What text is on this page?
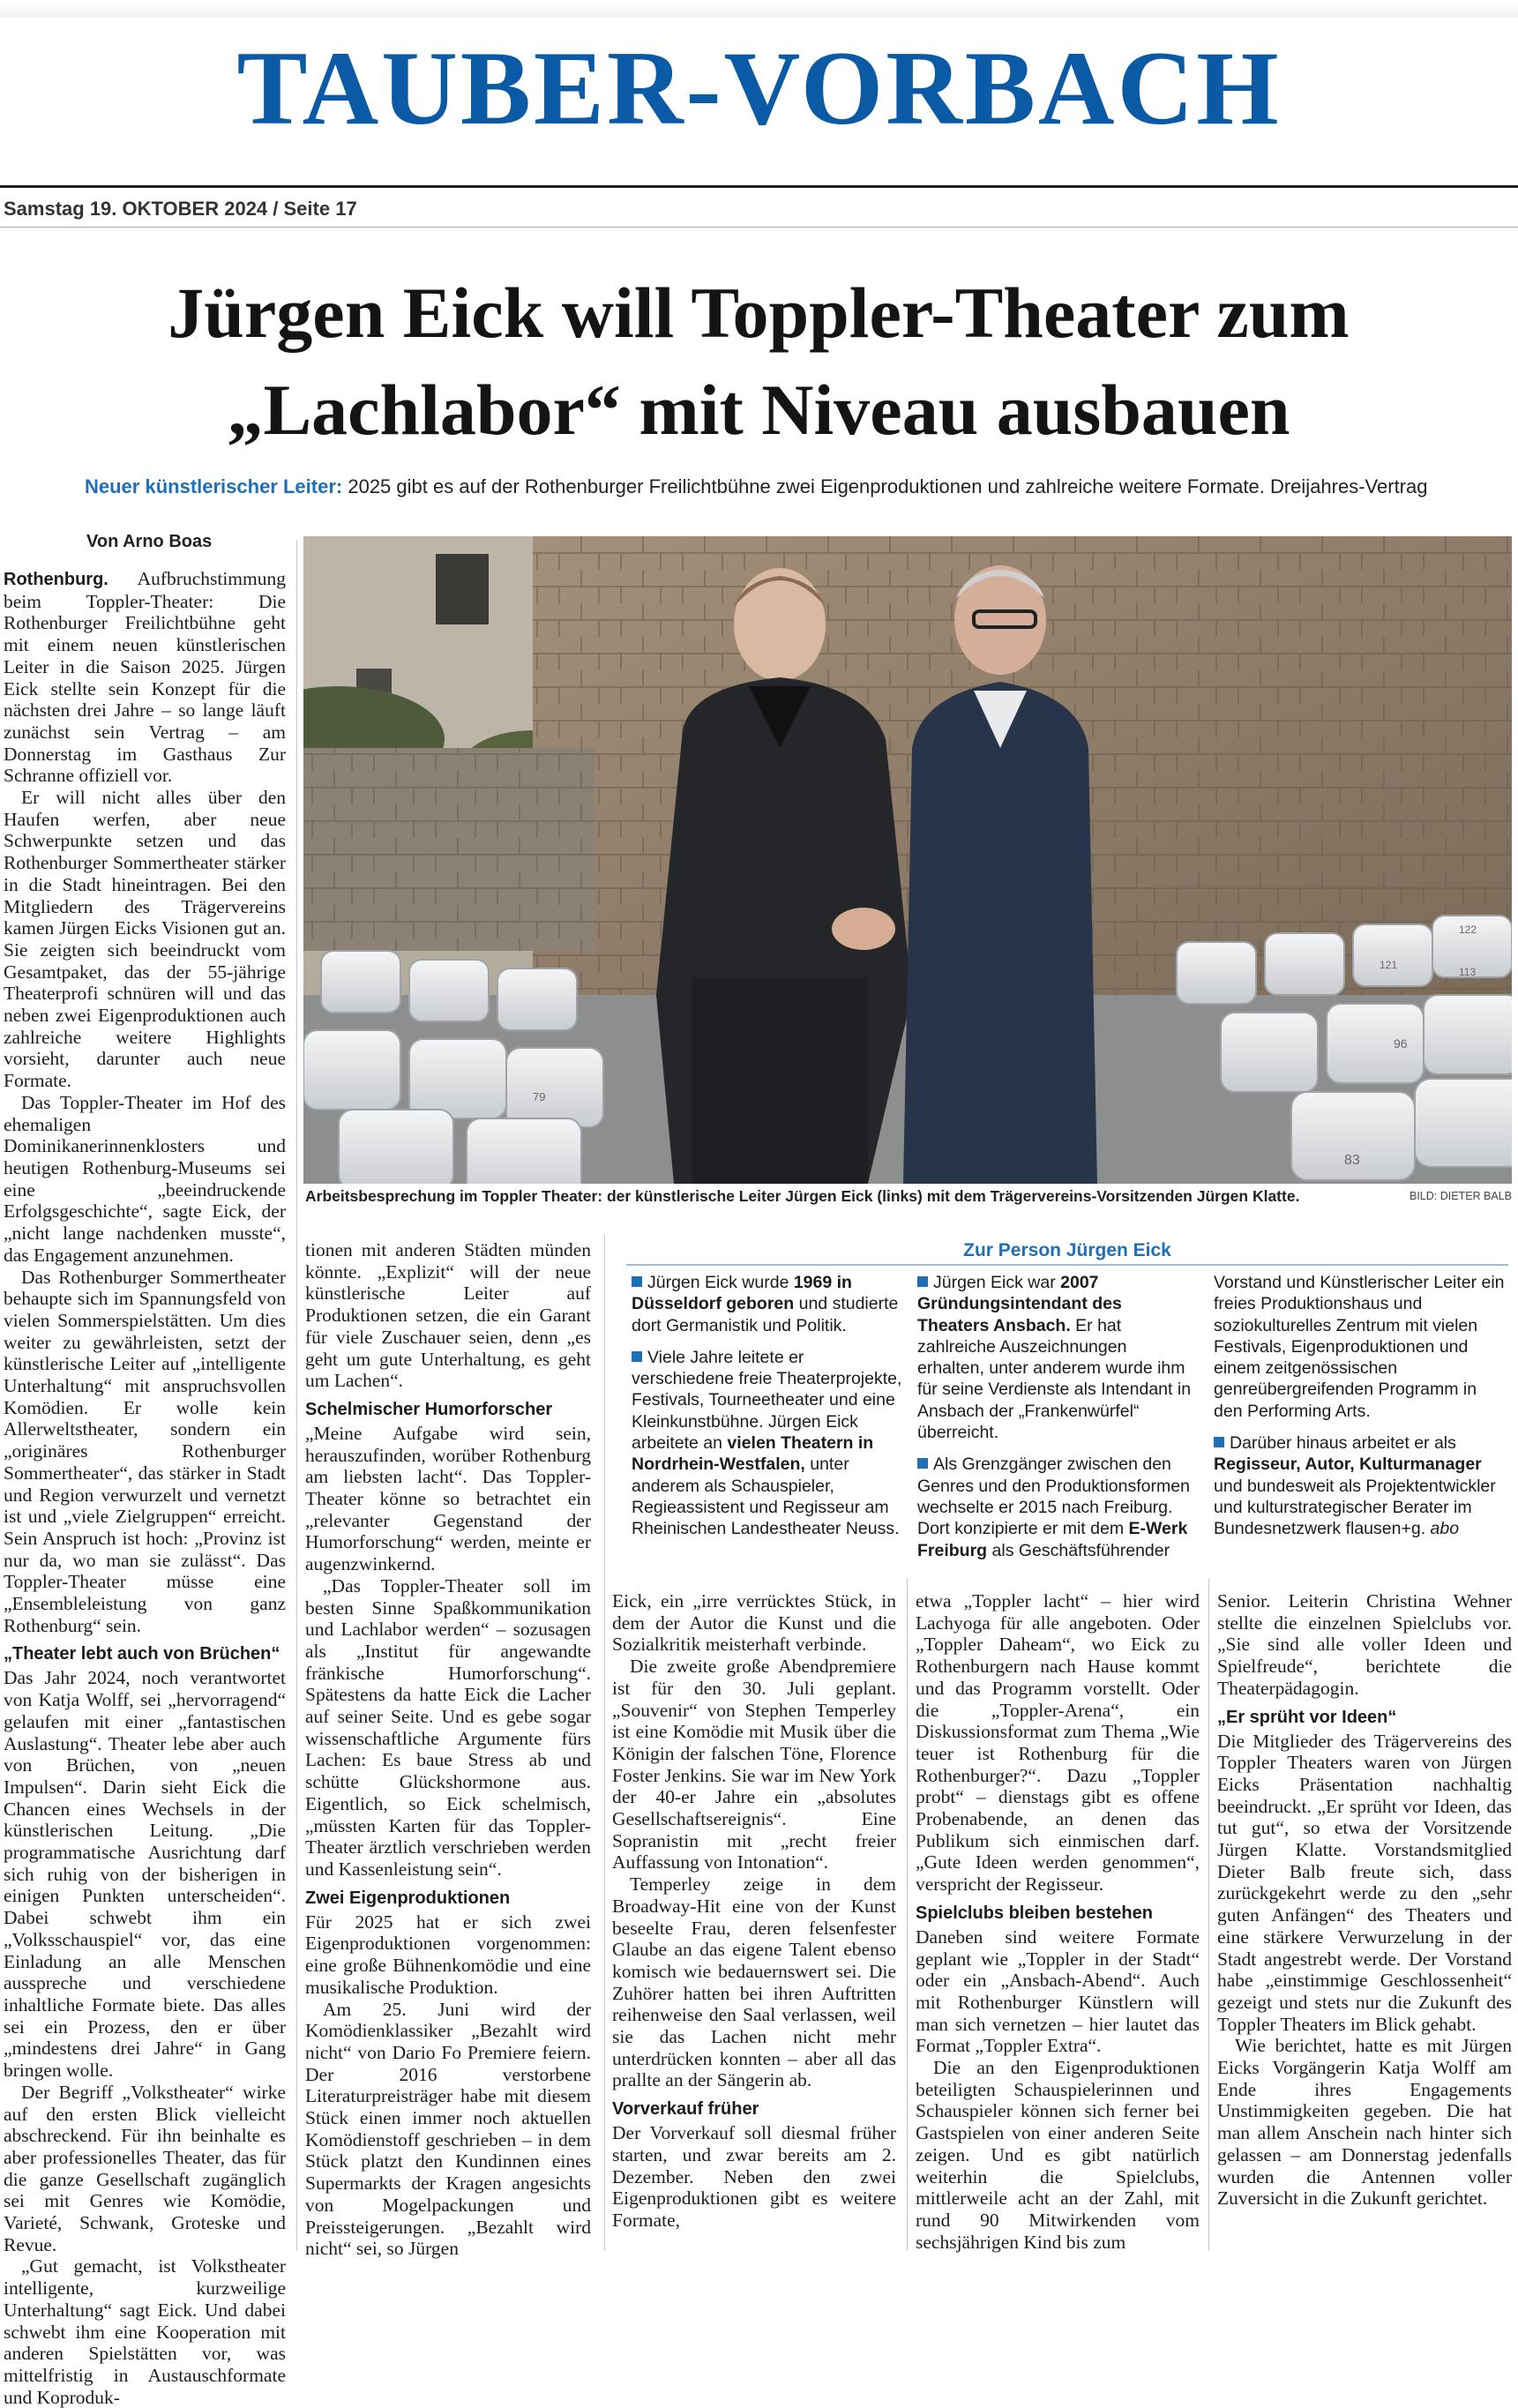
TAUBER-VORBACH
Samstag 19. OKTOBER 2024 / Seite 17
Jürgen Eick will Toppler-Theater zum
„Lachlabor“ mit Niveau ausbauen
Neuer künstlerischer Leiter: 2025 gibt es auf der Rothenburger Freilichtbühne zwei Eigenproduktionen und zahlreiche weitere Formate. Dreijahres-Vertrag
Von Arno Boas
96
83
79
113
121
122
Arbeitsbesprechung im Toppler Theater: der künstlerische Leiter Jürgen Eick (links) mit dem Trägervereins-Vorsitzenden Jürgen Klatte.	BILD: DIETER BALB

Rothenburg. Aufbruchstimmung beim Toppler-Theater: Die Rothenburger Freilichtbühne geht mit einem neuen künstlerischen Leiter in die Saison 2025. Jürgen Eick stellte sein Konzept für die nächsten drei Jahre – so lange läuft zunächst sein Vertrag – am Donnerstag im Gasthaus Zur Schranne offiziell vor.

Er will nicht alles über den Haufen werfen, aber neue Schwerpunkte setzen und das Rothenburger Sommertheater stärker in die Stadt hineintragen. Bei den Mitgliedern des Trägervereins kamen Jürgen Eicks Visionen gut an. Sie zeigten sich beeindruckt vom Gesamtpaket, das der 55-jährige Theaterprofi schnüren will und das neben zwei Eigenproduktionen auch zahlreiche weitere Highlights vorsieht, darunter auch neue Formate.

Das Toppler-Theater im Hof des ehemaligen Dominikanerinnenklosters und heutigen Rothenburg-Museums sei eine „beeindruckende Erfolgsgeschichte“, sagte Eick, der „nicht lange nachdenken musste“, das Engagement anzunehmen.

Das Rothenburger Sommertheater behaupte sich im Spannungsfeld von vielen Sommerspielstätten. Um dies weiter zu gewährleisten, setzt der künstlerische Leiter auf „intelligente Unterhaltung“ mit anspruchsvollen Komödien. Er wolle kein Allerweltstheater, sondern ein „originäres Rothenburger Sommertheater“, das stärker in Stadt und Region verwurzelt und vernetzt ist und „viele Zielgruppen“ erreicht. Sein Anspruch ist hoch: „Provinz ist nur da, wo man sie zulässt“. Das Toppler-Theater müsse eine „Ensembleleistung von ganz Rothenburg“ sein.

„Theater lebt auch von Brüchen“

Das Jahr 2024, noch verantwortet von Katja Wolff, sei „hervorragend“ gelaufen mit einer „fantastischen Auslastung“. Theater lebe aber auch von Brüchen, von „neuen Impulsen“. Darin sieht Eick die Chancen eines Wechsels in der künstlerischen Leitung. „Die programmatische Ausrichtung darf sich ruhig von der bisherigen in einigen Punkten unterscheiden“. Dabei schwebt ihm ein „Volksschauspiel“ vor, das eine Einladung an alle Menschen ausspreche und verschiedene inhaltliche Formate biete. Das alles sei ein Prozess, den er über „mindestens drei Jahre“ in Gang bringen wolle.

Der Begriff „Volkstheater“ wirke auf den ersten Blick vielleicht abschreckend. Für ihn beinhalte es aber professionelles Theater, das für die ganze Gesellschaft zugänglich sei mit Genres wie Komödie, Varieté, Schwank, Groteske und Revue.

„Gut gemacht, ist Volkstheater intelligente, kurzweilige Unterhaltung“ sagt Eick. Und dabei schwebt ihm eine Kooperation mit anderen Spielstätten vor, was mittelfristig in Austauschformate und Koproduk-

tionen mit anderen Städten münden könnte. „Explizit“ will der neue künstlerische Leiter auf Produktionen setzen, die ein Garant für viele Zuschauer seien, denn „es geht um gute Unterhaltung, es geht um Lachen“.

Schelmischer Humorforscher

„Meine Aufgabe wird sein, herauszufinden, worüber Rothenburg am liebsten lacht“. Das Toppler-Theater könne so betrachtet ein „relevanter Gegenstand der Humorforschung“ werden, meinte er augenzwinkernd.

„Das Toppler-Theater soll im besten Sinne Spaßkommunikation und Lachlabor werden“ – sozusagen als „Institut für angewandte fränkische Humorforschung“. Spätestens da hatte Eick die Lacher auf seiner Seite. Und es gebe sogar wissenschaftliche Argumente fürs Lachen: Es baue Stress ab und schütte Glückshormone aus. Eigentlich, so Eick schelmisch, „müssten Karten für das Toppler-Theater ärztlich verschrieben werden und Kassenleistung sein“.

Zwei Eigenproduktionen

Für 2025 hat er sich zwei Eigenproduktionen vorgenommen: eine große Bühnenkomödie und eine musikalische Produktion.

Am 25. Juni wird der Komödienklassiker „Bezahlt wird nicht“ von Dario Fo Premiere feiern. Der 2016 verstorbene Literaturpreisträger habe mit diesem Stück einen immer noch aktuellen Komödienstoff geschrieben – in dem Stück platzt den Kundinnen eines Supermarkts der Kragen angesichts von Mogelpackungen und Preissteigerungen. „Bezahlt wird nicht“ sei, so Jürgen

Zur Person Jürgen Eick

Jürgen Eick wurde 1969 in Düsseldorf geboren und studierte dort Germanistik und Politik.

Viele Jahre leitete er verschiedene freie Theaterprojekte, Festivals, Tourneetheater und eine Kleinkunstbühne. Jürgen Eick arbeitete an vielen Theatern in Nordrhein-Westfalen, unter anderem als Schauspieler, Regieassistent und Regisseur am Rheinischen Landestheater Neuss.

Jürgen Eick war 2007 Gründungsintendant des Theaters Ansbach. Er hat zahlreiche Auszeichnungen erhalten, unter anderem wurde ihm für seine Verdienste als Intendant in Ansbach der „Frankenwürfel“ überreicht.

Als Grenzgänger zwischen den Genres und den Produktionsformen wechselte er 2015 nach Freiburg. Dort konzipierte er mit dem E-Werk Freiburg als Geschäftsführender

Vorstand und Künstlerischer Leiter ein freies Produktionshaus und soziokulturelles Zentrum mit vielen Festivals, Eigenproduktionen und einem zeitgenössischen genreübergreifenden Programm in den Performing Arts.

Darüber hinaus arbeitet er als Regisseur, Autor, Kulturmanager und bundesweit als Projektentwickler und kulturstrategischer Berater im Bundesnetzwerk flausen+g. abo

Eick, ein „irre verrücktes Stück, in dem der Autor die Kunst und die Sozialkritik meisterhaft verbinde.

Die zweite große Abendpremiere ist für den 30. Juli geplant. „Souvenir“ von Stephen Temperley ist eine Komödie mit Musik über die Königin der falschen Töne, Florence Foster Jenkins. Sie war im New York der 40-er Jahre ein „absolutes Gesellschaftsereignis“. Eine Sopranistin mit „recht freier Auffassung von Intonation“.

Temperley zeige in dem Broadway-Hit eine von der Kunst beseelte Frau, deren felsenfester Glaube an das eigene Talent ebenso komisch wie bedauernswert sei. Die Zuhörer hatten bei ihren Auftritten reihenweise den Saal verlassen, weil sie das Lachen nicht mehr unterdrücken konnten – aber all das prallte an der Sängerin ab.

Vorverkauf früher

Der Vorverkauf soll diesmal früher starten, und zwar bereits am 2. Dezember. Neben den zwei Eigenproduktionen gibt es weitere Formate,

etwa „Toppler lacht“ – hier wird Lachyoga für alle angeboten. Oder „Toppler Daheam“, wo Eick zu Rothenburgern nach Hause kommt und das Programm vorstellt. Oder die „Toppler-Arena“, ein Diskussionsformat zum Thema „Wie teuer ist Rothenburg für die Rothenburger?“. Dazu „Toppler probt“ – dienstags gibt es offene Probenabende, an denen das Publikum sich einmischen darf. „Gute Ideen werden genommen“, verspricht der Regisseur.

Spielclubs bleiben bestehen

Daneben sind weitere Formate geplant wie „Toppler in der Stadt“ oder ein „Ansbach-Abend“. Auch mit Rothenburger Künstlern will man sich vernetzen – hier lautet das Format „Toppler Extra“.

Die an den Eigenproduktionen beteiligten Schauspielerinnen und Schauspieler können sich ferner bei Gastspielen von einer anderen Seite zeigen. Und es gibt natürlich weiterhin die Spielclubs, mittlerweile acht an der Zahl, mit rund 90 Mitwirkenden vom sechsjährigen Kind bis zum

Senior. Leiterin Christina Wehner stellte die einzelnen Spielclubs vor. „Sie sind alle voller Ideen und Spielfreude“, berichtete die Theaterpädagogin.

„Er sprüht vor Ideen“

Die Mitglieder des Trägervereins des Toppler Theaters waren von Jürgen Eicks Präsentation nachhaltig beeindruckt. „Er sprüht vor Ideen, das tut gut“, so etwa der Vorsitzende Jürgen Klatte. Vorstandsmitglied Dieter Balb freute sich, dass zurückgekehrt werde zu den „sehr guten Anfängen“ des Theaters und eine stärkere Verwurzelung in der Stadt angestrebt werde. Der Vorstand habe „einstimmige Geschlossenheit“ gezeigt und stets nur die Zukunft des Toppler Theaters im Blick gehabt.

Wie berichtet, hatte es mit Jürgen Eicks Vorgängerin Katja Wolff am Ende ihres Engagements Unstimmigkeiten gegeben. Die hat man allem Anschein nach hinter sich gelassen – am Donnerstag jedenfalls wurden die Antennen voller Zuversicht in die Zukunft gerichtet.
